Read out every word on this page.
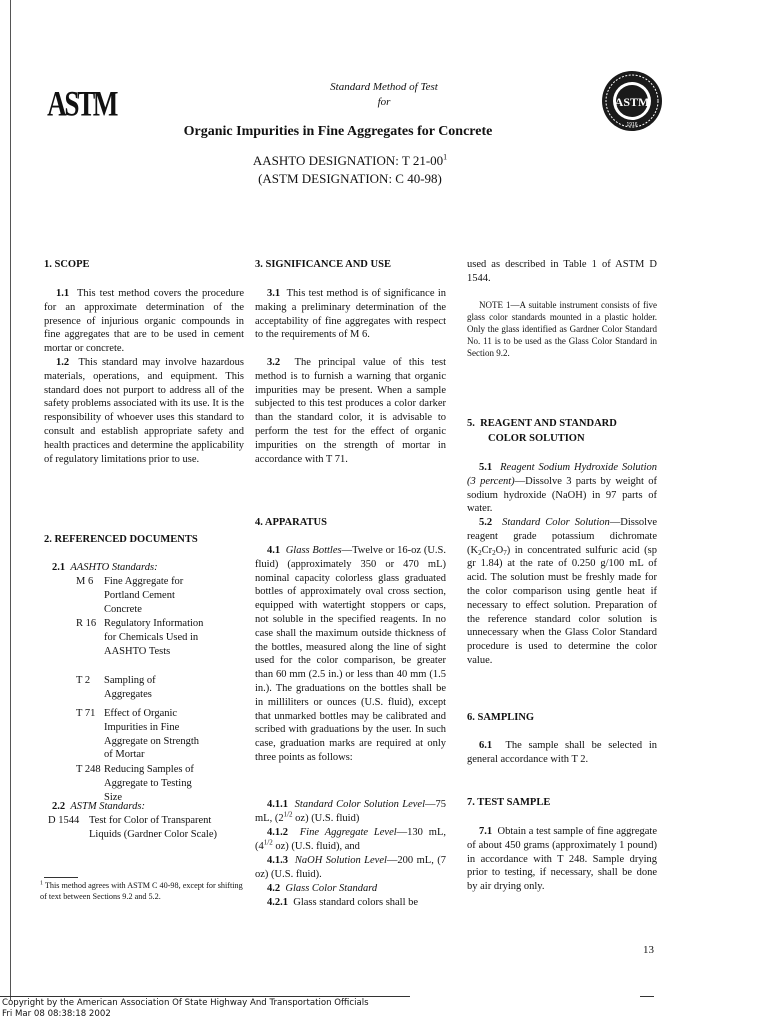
ASTM	ASTM
1916
Standard Method of Test
for
Organic Impurities in Fine Aggregates for Concrete
AASHTO DESIGNATION: T $21-00^1$
(ASTM DESIGNATION: C 40-98)
1. SCOPE

1.1 This test method covers the procedure for an approximate determination of the presence of injurious organic compounds in fine aggregates that are to be used in cement mortar or concrete.

1.2 This standard may involve hazardous materials, operations, and equipment. This standard does not purport to address all of the safety problems associated with its use. It is the responsibility of whoever uses this standard to consult and establish appropriate safety and health practices and determine the applicability of regulatory limitations prior to use.

2. REFERENCED DOCUMENTS
2.1 AASHTO Standards:
M 6	Fine Aggregate for Portland Cement Concrete
R 16 Regulatory Information for Chemicals Used in AASHTO Tests
T 2	Sampling of Aggregates
T 71 Effect of Organic Impurities in Fine Aggregate on Strength of Mortar
T 248 Reducing Samples of Aggregate to Testing Size
2.2 ASTM Standards:
D 1544 Test for Color of Transparent Liquids (Gardner Color Scale)
$^1$ This method agrees with ASTM C 40-98, except for shifting of text between Sections 9.2 and 5.2.
3. SIGNIFICANCE AND USE

3.1 This test method is of significance in making a preliminary determination of the acceptability of fine aggregates with respect to the requirements of M 6.

3.2 The principal value of this test method is to furnish a warning that organic impurities may be present. When a sample subjected to this test produces a color darker than the standard color, it is advisable to perform the test for the effect of organic impurities on the strength of mortar in accordance with T 71.

4. APPARATUS

4.1 Glass Bottles—Twelve or 16-oz (U.S. fluid) (approximately 350 or 470 mL) nominal capacity colorless glass graduated bottles of approximately oval cross section, equipped with watertight stoppers or caps, not soluble in the specified reagents. In no case shall the maximum outside thickness of the bottles, measured along the line of sight used for the color comparison, be greater than 60 mm (2.5 in.) or less than 40 mm (1.5 in.). The graduations on the bottles shall be in milliliters or ounces (U.S. fluid), except that unmarked bottles may be calibrated and scribed with graduations by the user. In such case, graduation marks are required at only three points as follows:

4.1.1 Standard Color Solution Level—75 mL, ($2^{1/2}$ oz) (U.S. fluid)

4.1.2 Fine Aggregate Level—130 mL, ($4^{1/2}$ oz) (U.S. fluid), and

4.1.3 NaOH Solution Level—200 mL, (7 oz) (U.S. fluid).

4.2 Glass Color Standard

4.2.1 Glass standard colors shall be

used as described in Table 1 of ASTM D 1544.

NOTE 1—A suitable instrument consists of five glass color standards mounted in a plastic holder. Only the glass identified as Gardner Color Standard No. 11 is to be used as the Glass Color Standard in Section 9.2.

5. REAGENT AND STANDARD
COLOR SOLUTION

5.1 Reagent Sodium Hydroxide Solution (3 percent)—Dissolve 3 parts by weight of sodium hydroxide (NaOH) in 97 parts of water.

5.2 Standard Color Solution—Dissolve reagent grade potassium dichromate $(K_2Cr_2O_7)$ in concentrated sulfuric acid (sp gr 1.84) at the rate of 0.250 g/100 mL of acid. The solution must be freshly made for the color comparison using gentle heat if necessary to effect solution. Preparation of the reference standard color solution is unnecessary when the Glass Color Standard procedure is used to determine the color value.

6. SAMPLING

6.1 The sample shall be selected in general accordance with T 2.

7. TEST SAMPLE

7.1 Obtain a test sample of fine aggregate of about 450 grams (approximately 1 pound) in accordance with T 248. Sample drying prior to testing, if necessary, shall be done by air drying only.

13
Copyright by the American Association Of State Highway And Transportation Officials
Fri Mar 08 08:38:18 2002
